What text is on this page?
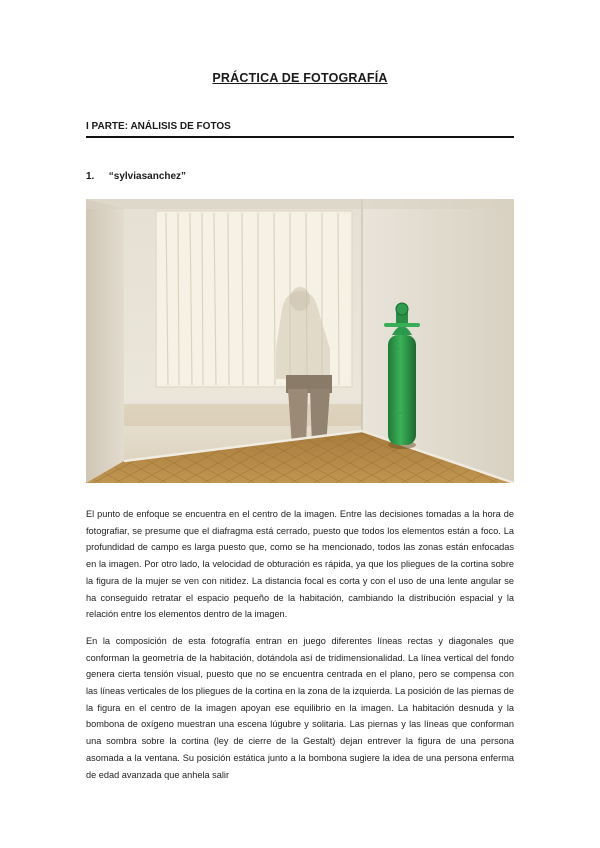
PRÁCTICA DE FOTOGRAFÍA
I PARTE: ANÁLISIS DE FOTOS
1. “sylviasanchez”

El punto de enfoque se encuentra en el centro de la imagen. Entre las decisiones tomadas a la hora de fotografiar, se presume que el diafragma está cerrado, puesto que todos los elementos están a foco. La profundidad de campo es larga puesto que, como se ha mencionado, todos las zonas están enfocadas en la imagen. Por otro lado, la velocidad de obturación es rápida, ya que los pliegues de la cortina sobre la figura de la mujer se ven con nitidez. La distancia focal es corta y con el uso de una lente angular se ha conseguido retratar el espacio pequeño de la habitación, cambiando la distribución espacial y la relación entre los elementos dentro de la imagen.

En la composición de esta fotografía entran en juego diferentes líneas rectas y diagonales que conforman la geometría de la habitación, dotándola así de tridimensionalidad. La línea vertical del fondo genera cierta tensión visual, puesto que no se encuentra centrada en el plano, pero se compensa con las líneas verticales de los pliegues de la cortina en la zona de la izquierda. La posición de las piernas de la figura en el centro de la imagen apoyan ese equilibrio en la imagen. La habitación desnuda y la bombona de oxígeno muestran una escena lúgubre y solitaria. Las piernas y las líneas que conforman una sombra sobre la cortina (ley de cierre de la Gestalt) dejan entrever la figura de una persona asomada a la ventana. Su posición estática junto a la bombona sugiere la idea de una persona enferma de edad avanzada que anhela salir
